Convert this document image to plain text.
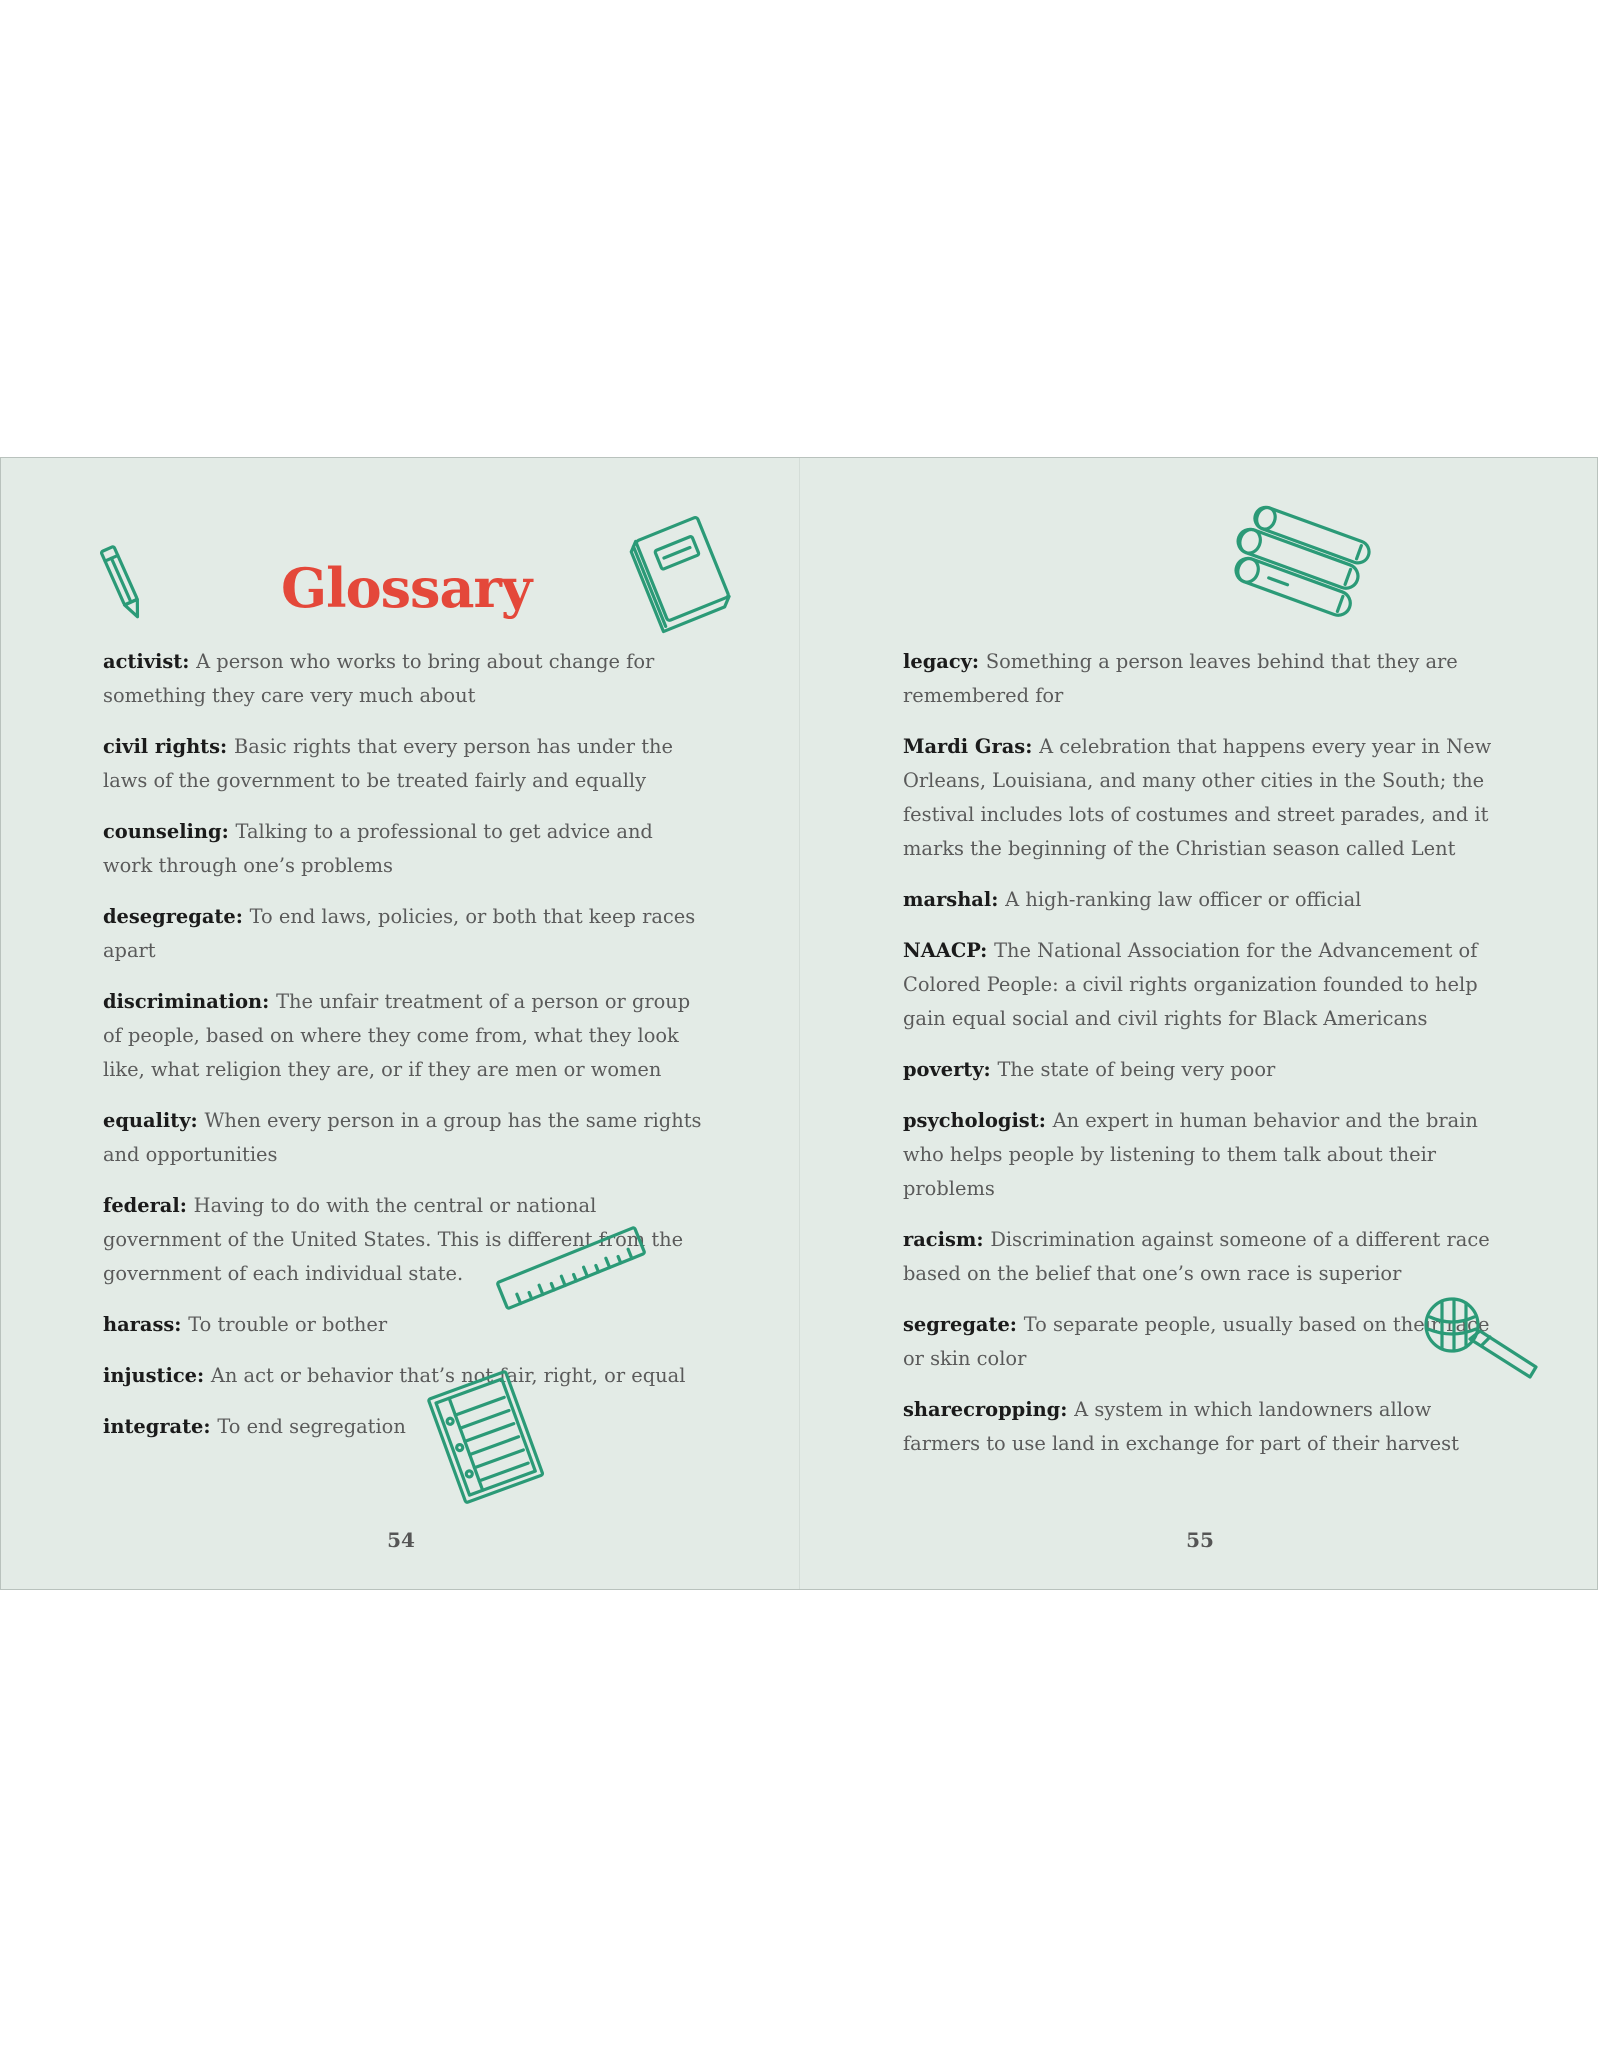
Glossary

activist: A person who works to bring about change for something they care very much about

civil rights: Basic rights that every person has under the laws of the government to be treated fairly and equally

counseling: Talking to a professional to get advice and work through one’s problems

desegregate: To end laws, policies, or both that keep races apart

discrimination: The unfair treatment of a person or group of people, based on where they come from, what they look like, what religion they are, or if they are men or women

equality: When every person in a group has the same rights and opportunities

federal: Having to do with the central or national government of the United States. This is different from the government of each individual state.

harass: To trouble or bother

injustice: An act or behavior that’s not fair, right, or equal

integrate: To end segregation

54

legacy: Something a person leaves behind that they are remembered for

Mardi Gras: A celebration that happens every year in New Orleans, Louisiana, and many other cities in the South; the festival includes lots of costumes and street parades, and it marks the beginning of the Christian season called Lent

marshal: A high-ranking law officer or official

NAACP: The National Association for the Advancement of Colored People: a civil rights organization founded to help gain equal social and civil rights for Black Americans

poverty: The state of being very poor

psychologist: An expert in human behavior and the brain who helps people by listening to them talk about their problems

racism: Discrimination against someone of a different race based on the belief that one’s own race is superior

segregate: To separate people, usually based on their race or skin color

sharecropping: A system in which landowners allow farmers to use land in exchange for part of their harvest

55
